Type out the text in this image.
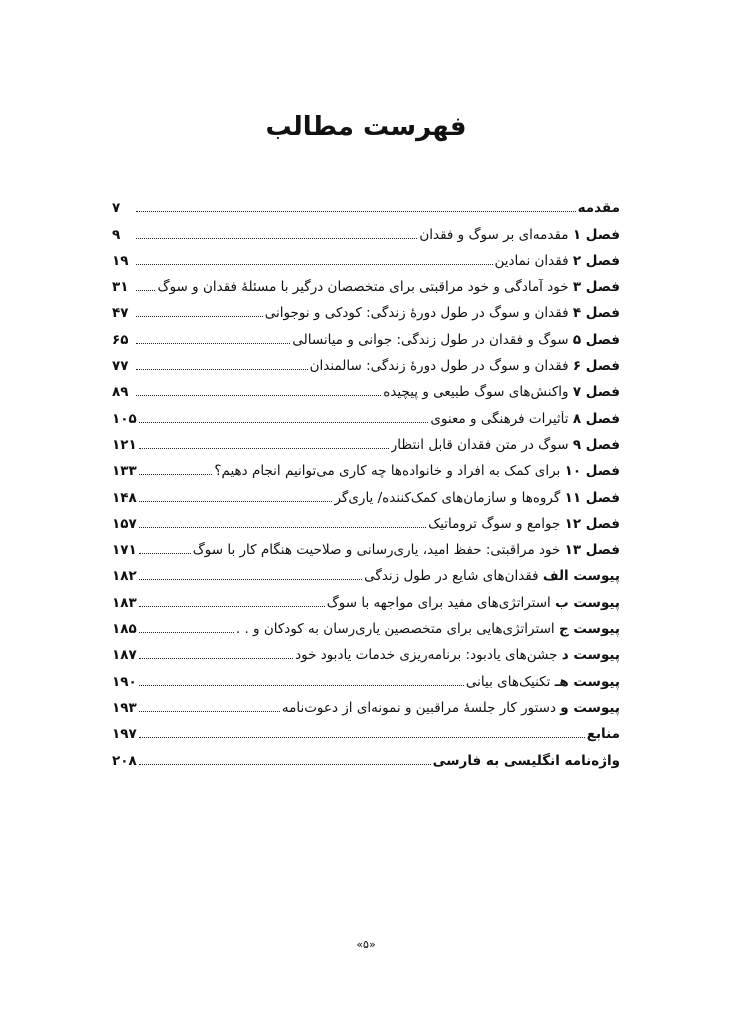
فهرست مطالب
مقدمه
۷
فصل ۱ مقدمه‌ای بر سوگ و فقدان
۹
فصل ۲ فقدان نمادین
۱۹
فصل ۳ خود آمادگی و خود مراقبتی برای متخصصان درگیر با مسئلهٔ فقدان و سوگ
۳۱
فصل ۴ فقدان و سوگ در طول دورهٔ زندگی: کودکی و نوجوانی
۴۷
فصل ۵ سوگ و فقدان در طول زندگی: جوانی و میانسالی
۶۵
فصل ۶ فقدان و سوگ در طول دورهٔ زندگی: سالمندان
۷۷
فصل ۷ واکنش‌های سوگ طبیعی و پیچیده
۸۹
فصل ۸ تأثیرات فرهنگی و معنوی
۱۰۵
فصل ۹ سوگ در متن فقدان قابل انتظار
۱۲۱
فصل ۱۰ برای کمک به افراد و خانواده‌ها چه کاری می‌توانیم انجام دهیم؟
۱۳۳
فصل ۱۱ گروه‌ها و سازمان‌های کمک‌کننده/ یاری‌گر
۱۴۸
فصل ۱۲ جوامع و سوگ تروماتیک
۱۵۷
فصل ۱۳ خود مراقبتی: حفظ امید، یاری‌رسانی و صلاحیت هنگام کار با سوگ
۱۷۱
پیوست الف فقدان‌های شایع در طول زندگی
۱۸۲
پیوست ب استراتژی‌های مفید برای مواجهه با سوگ
۱۸۳
پیوست ج استراتژی‌هایی برای متخصصین یاری‌رسان به کودکان و . .
۱۸۵
پیوست د جشن‌های یادبود: برنامه‌ریزی خدمات یادبود خود
۱۸۷
پیوست هـ تکنیک‌های بیانی
۱۹۰
پیوست و دستور کار جلسهٔ مراقبین و نمونه‌ای از دعوت‌نامه
۱۹۳
منابع
۱۹۷
واژه‌نامه انگلیسی به فارسی
۲۰۸
«۵»
